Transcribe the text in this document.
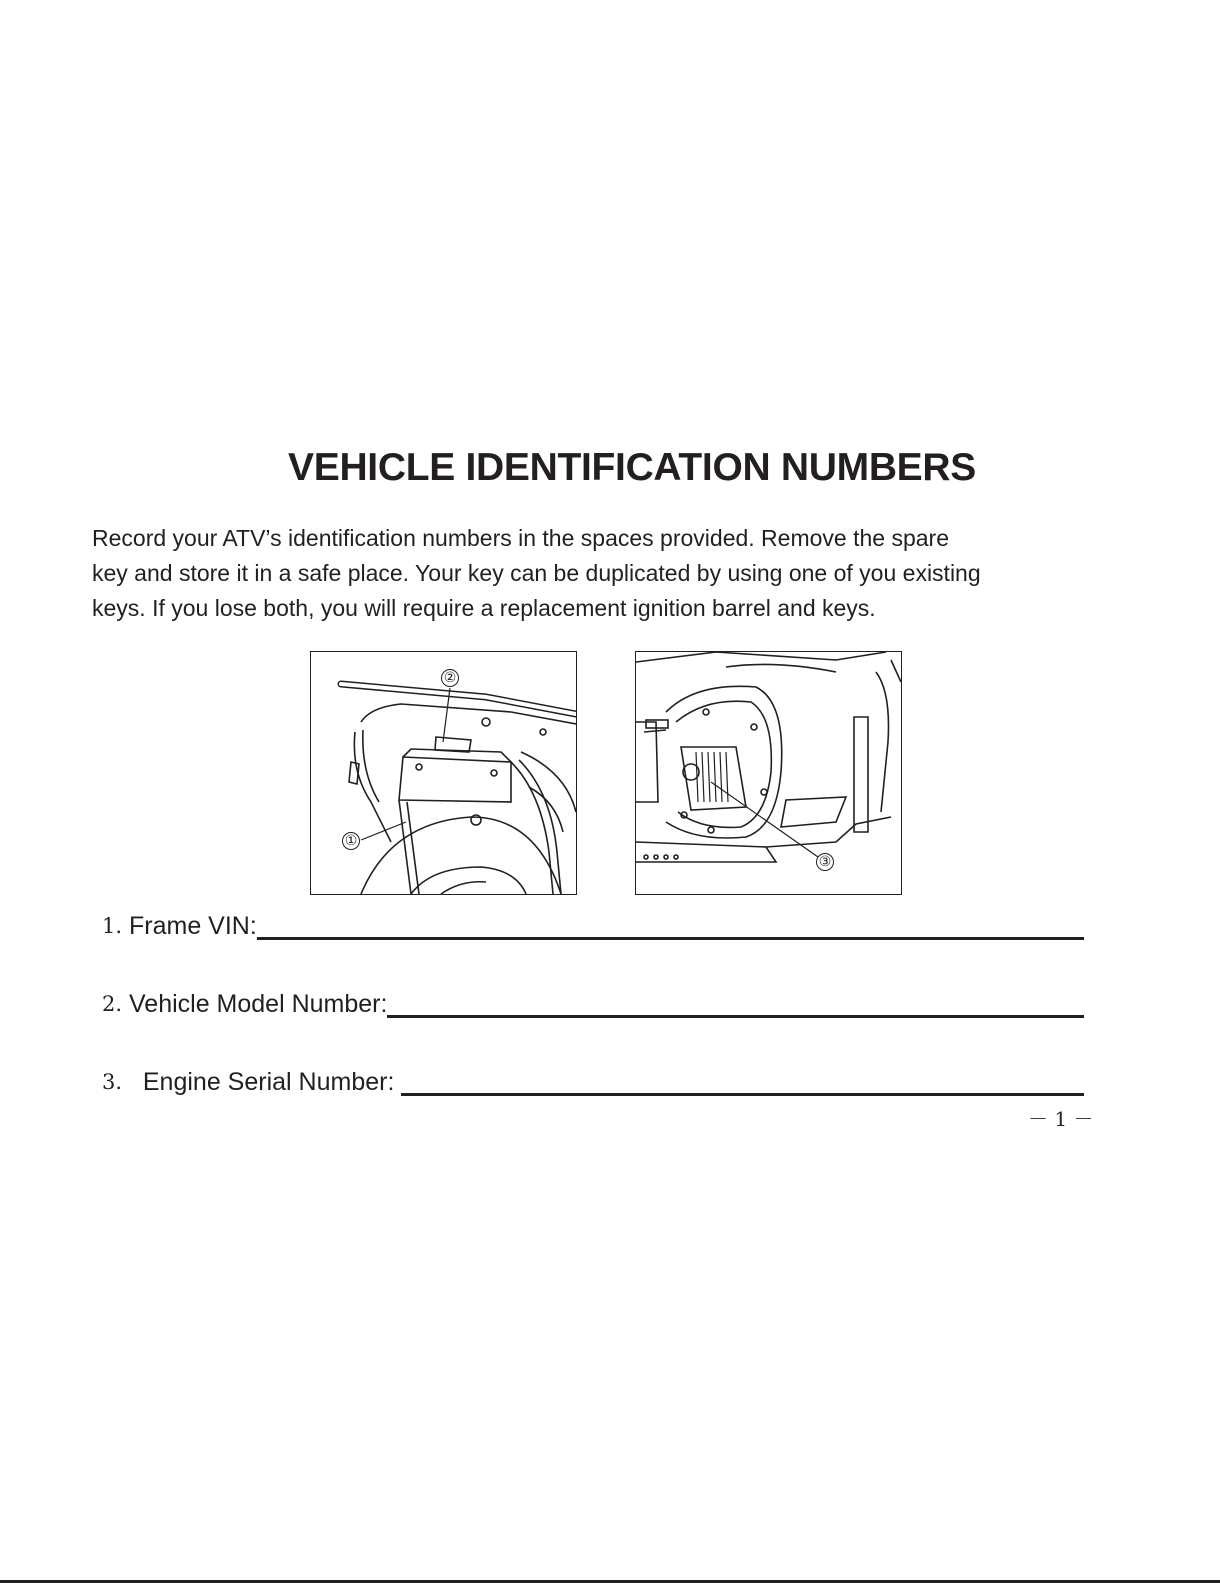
VEHICLE IDENTIFICATION NUMBERS

Record your ATV’s identification numbers in the spaces provided. Remove the spare
key and store it in a safe place. Your key can be duplicated by using one of you existing
keys. If you lose both, you will require a replacement ignition barrel and keys.

②
①
③
1. Frame VIN:
2. Vehicle Model Number:
3. Engine Serial Number:
－ 1 －
